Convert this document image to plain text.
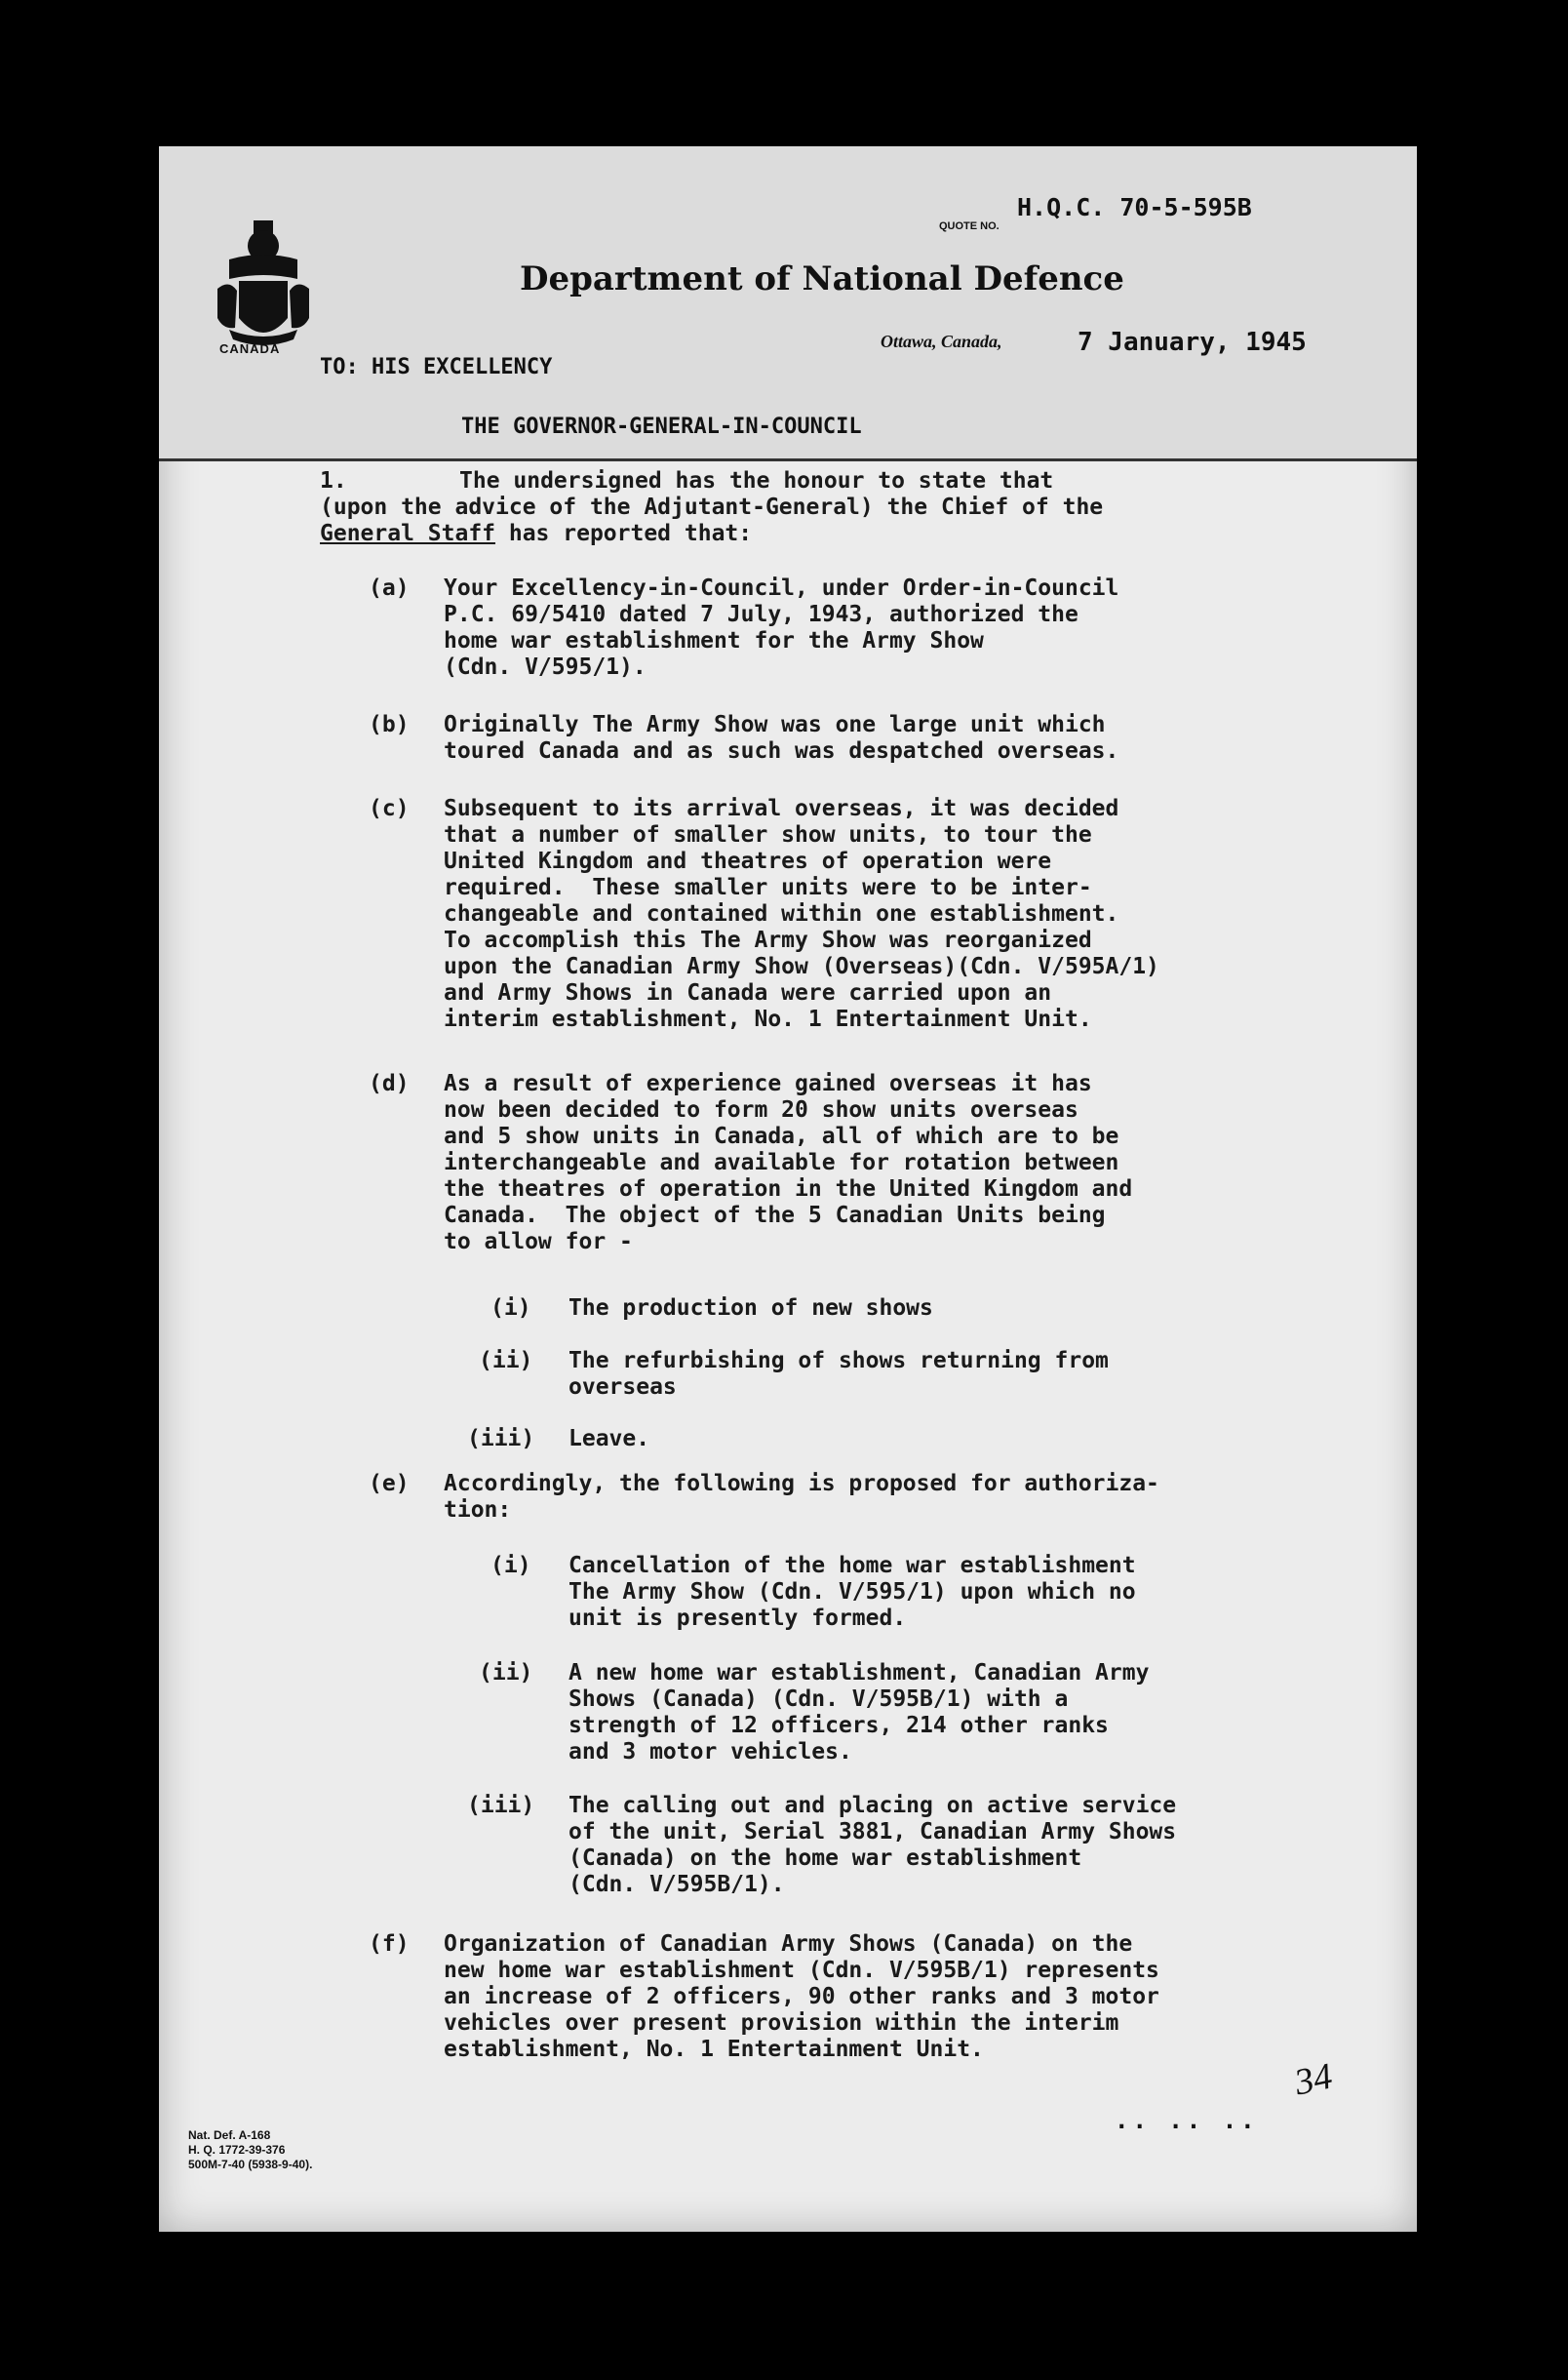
CANADA
QUOTE NO.
H.Q.C. 70-5-595B
Department of National Defence
Ottawa, Canada,	7 January, 1945
TO: HIS EXCELLENCY
THE GOVERNOR-GENERAL-IN-COUNCIL
1.	The undersigned has the honour to state that
(upon the advice of the Adjutant-General) the Chief of the
General Staff has reported that:
(a) Your Excellency-in-Council, under Order-in-Council
P.C. 69/5410 dated 7 July, 1943, authorized the
home war establishment for the Army Show
(Cdn. V/595/1).
(b) Originally The Army Show was one large unit which
toured Canada and as such was despatched overseas.
(c) Subsequent to its arrival overseas, it was decided
that a number of smaller show units, to tour the
United Kingdom and theatres of operation were
required.  These smaller units were to be inter-
changeable and contained within one establishment.
To accomplish this The Army Show was reorganized
upon the Canadian Army Show (Overseas)(Cdn. V/595A/1)
and Army Shows in Canada were carried upon an
interim establishment, No. 1 Entertainment Unit.
(d) As a result of experience gained overseas it has
now been decided to form 20 show units overseas
and 5 show units in Canada, all of which are to be
interchangeable and available for rotation between
the theatres of operation in the United Kingdom and
Canada.  The object of the 5 Canadian Units being
to allow for -
(i) The production of new shows
(ii) The refurbishing of shows returning from
overseas
(iii) Leave.
(e) Accordingly, the following is proposed for authoriza-
tion:
(i) Cancellation of the home war establishment
The Army Show (Cdn. V/595/1) upon which no
unit is presently formed.
(ii) A new home war establishment, Canadian Army
Shows (Canada) (Cdn. V/595B/1) with a
strength of 12 officers, 214 other ranks
and 3 motor vehicles.
(iii) The calling out and placing on active service
of the unit, Serial 3881, Canadian Army Shows
(Canada) on the home war establishment
(Cdn. V/595B/1).
(f) Organization of Canadian Army Shows (Canada) on the
new home war establishment (Cdn. V/595B/1) represents
an increase of 2 officers, 90 other ranks and 3 motor
vehicles over present provision within the interim
establishment, No. 1 Entertainment Unit.
.. .. ..
34
Nat. Def. A-168
H. Q. 1772-39-376
500M-7-40 (5938-9-40).
